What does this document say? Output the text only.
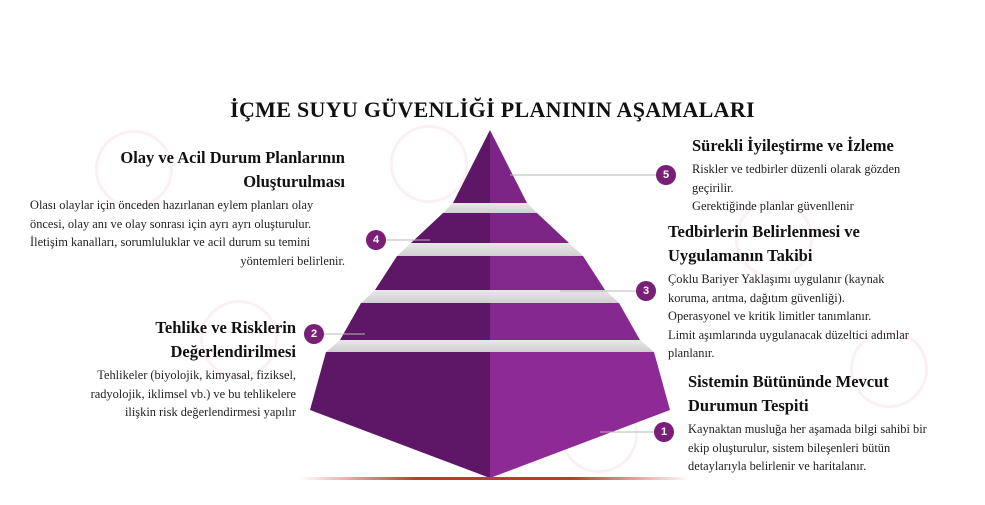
İÇME SUYU GÜVENLİĞİ PLANININ AŞAMALARI
5
4
3
2
1
Sürekli İyileştirme ve İzleme
Riskler ve tedbirler düzenli olarak gözden
geçirilir.
Gerektiğinde planlar güvenllenir
Olay ve Acil Durum Planlarının
Oluşturulması
Olası olaylar için önceden hazırlanan eylem planları olay
öncesi, olay anı ve olay sonrası için ayrı ayrı oluşturulur.
İletişim kanalları, sorumluluklar ve acil durum su temini
yöntemleri belirlenir.
Tedbirlerin Belirlenmesi ve
Uygulamanın Takibi
Çoklu Bariyer Yaklaşımı uygulanır (kaynak
koruma, arıtma, dağıtım güvenliği).
Operasyonel ve kritik limitler tanımlanır.
Limit aşımlarında uygulanacak düzeltici adımlar
planlanır.
Tehlike ve Risklerin
Değerlendirilmesi
Tehlikeler (biyolojik, kimyasal, fiziksel,
radyolojik, iklimsel vb.) ve bu tehlikelere
ilişkin risk değerlendirmesi yapılır
Sistemin Bütününde Mevcut
Durumun Tespiti
Kaynaktan musluğa her aşamada bilgi sahibi bir
ekip oluşturulur, sistem bileşenleri bütün
detaylarıyla belirlenir ve haritalanır.
